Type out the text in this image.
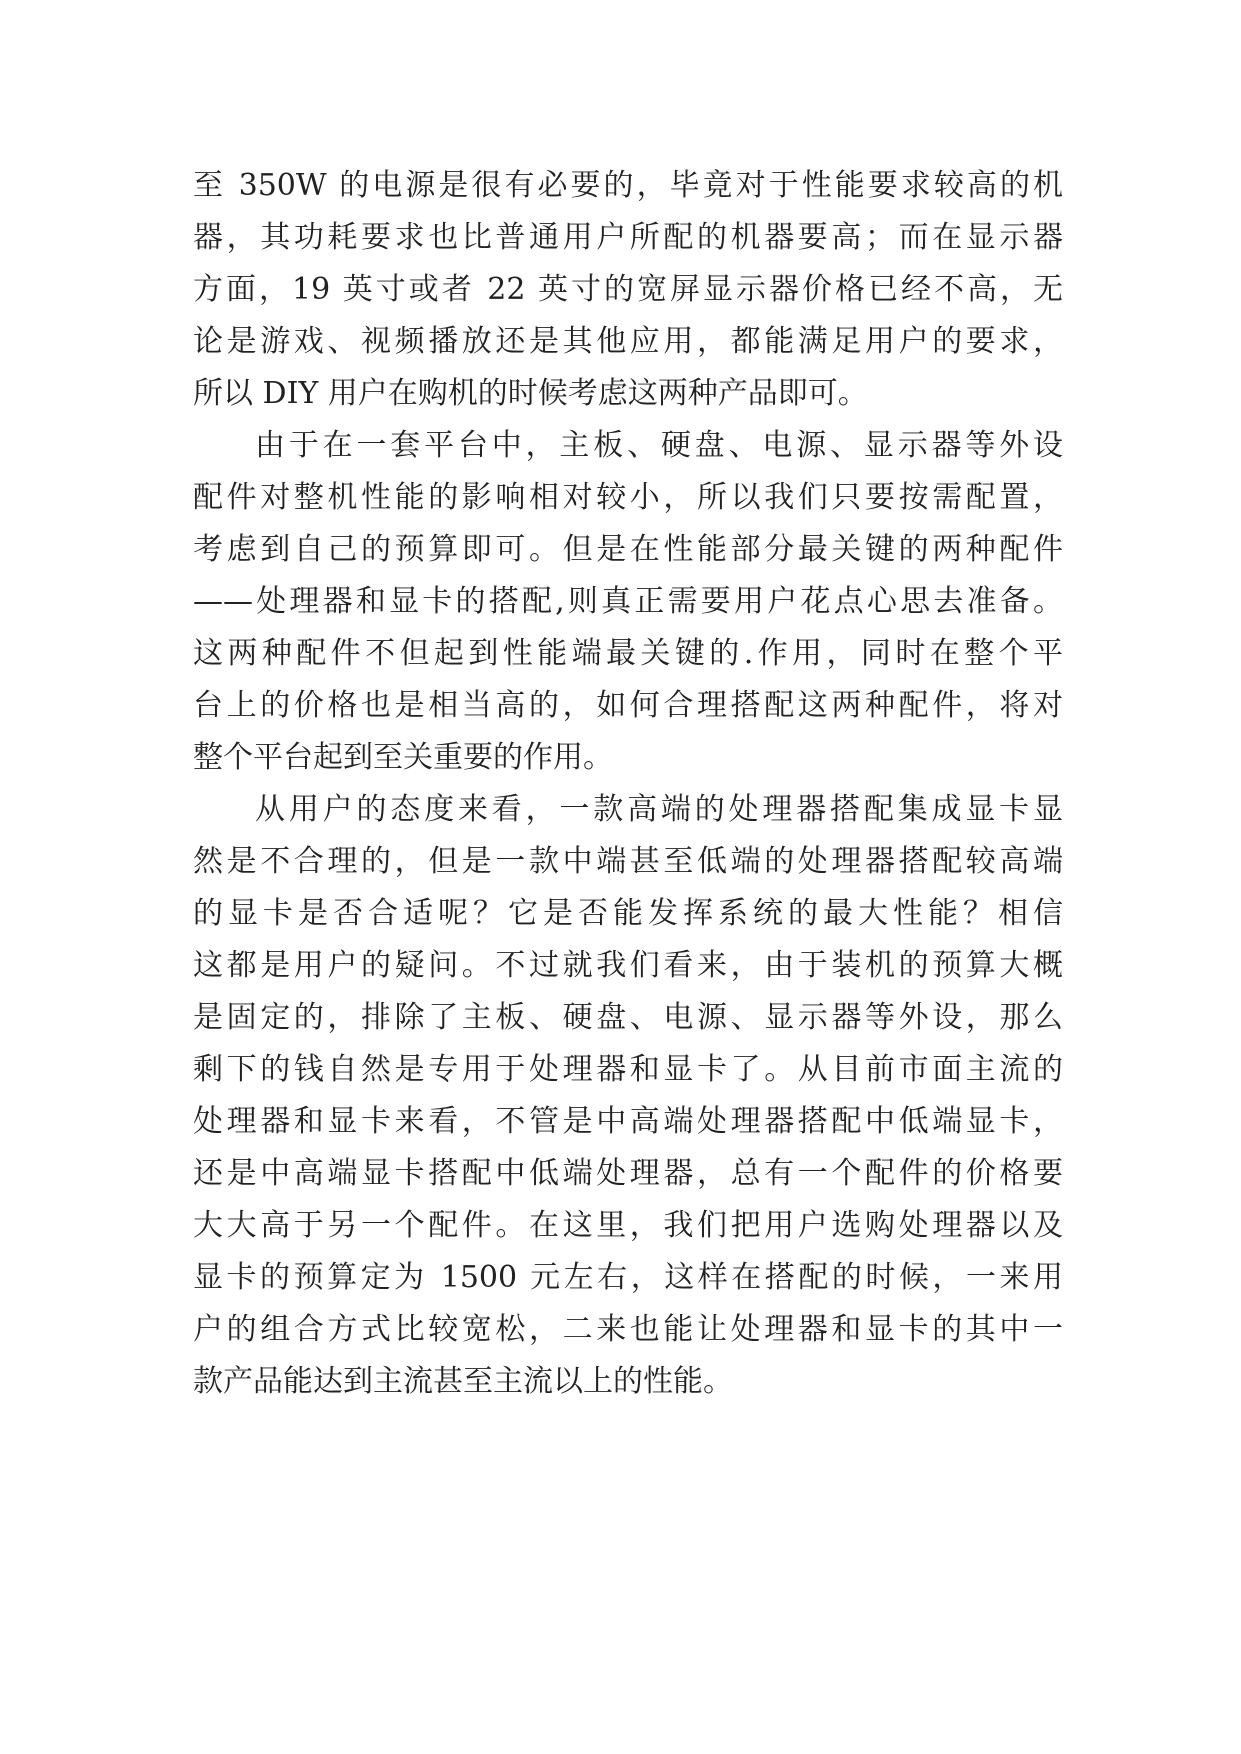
至 350W 的电源是很有必要的，毕竟对于性能要求较高的机

器，其功耗要求也比普通用户所配的机器要高；而在显示器

方面，19 英寸或者 22 英寸的宽屏显示器价格已经不高，无

论是游戏、视频播放还是其他应用，都能满足用户的要求，

所以 DIY 用户在购机的时候考虑这两种产品即可。

由于在一套平台中，主板、硬盘、电源、显示器等外设

配件对整机性能的影响相对较小，所以我们只要按需配置，

考虑到自己的预算即可。但是在性能部分最关键的两种配件

——处理器和显卡的搭配,则真正需要用户花点心思去准备。

这两种配件不但起到性能端最关键的.作用，同时在整个平

台上的价格也是相当高的，如何合理搭配这两种配件，将对

整个平台起到至关重要的作用。

从用户的态度来看，一款高端的处理器搭配集成显卡显

然是不合理的，但是一款中端甚至低端的处理器搭配较高端

的显卡是否合适呢？它是否能发挥系统的最大性能？相信

这都是用户的疑问。不过就我们看来，由于装机的预算大概

是固定的，排除了主板、硬盘、电源、显示器等外设，那么

剩下的钱自然是专用于处理器和显卡了。从目前市面主流的

处理器和显卡来看，不管是中高端处理器搭配中低端显卡，

还是中高端显卡搭配中低端处理器，总有一个配件的价格要

大大高于另一个配件。在这里，我们把用户选购处理器以及

显卡的预算定为 1500 元左右，这样在搭配的时候，一来用

户的组合方式比较宽松，二来也能让处理器和显卡的其中一

款产品能达到主流甚至主流以上的性能。
